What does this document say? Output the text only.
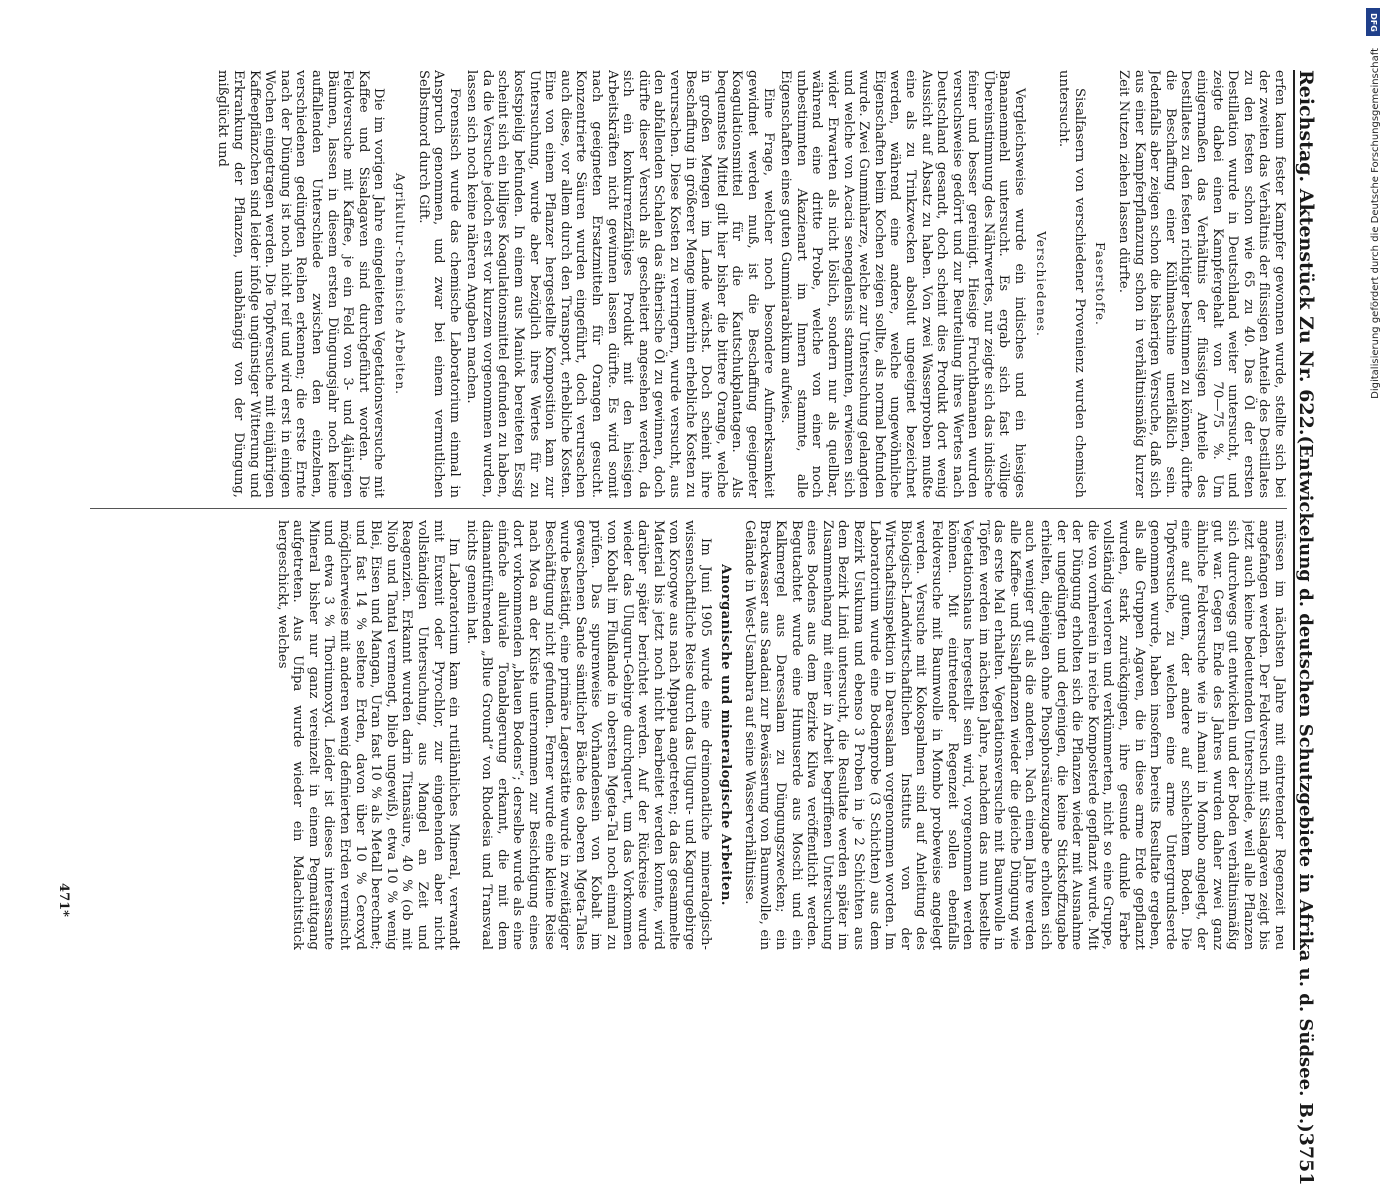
Reichstag. Aktenstück Zu Nr. 622.
(Entwickelung d. deutschen Schutzgebiete in Afrika u. d. Südsee. B.)
3751

erfen kaum fester Kampfer gewonnen wurde, stellte sich bei der zweiten das Verhältnis der flüssigen Anteile des Destillates zu den festen schon wie 65 zu 40. Das Öl der ersten Destillation wurde in Deutschland weiter untersucht, und zeigte dabei einen Kampfergehalt von 70—75 %. Um einigermaßen das Verhältnis der flüssigen Anteile des Destillates zu den festen richtiger bestimmen zu können, dürfte die Beschaffung einer Kühlmaschine unerläßlich sein. Jedenfalls aber zeigen schon die bisherigen Versuche, daß sich aus einer Kampferpflanzung schon in verhältnismäßig kurzer Zeit Nutzen ziehen lassen dürfte.

Faserstoffe.

Sisalfasern von verschiedener Provenienz wurden chemisch untersucht.

Verschiedenes.

Vergleichsweise wurde ein indisches und ein hiesiges Bananenmehl untersucht. Es ergab sich fast völlige Übereinstimmung des Nährwertes, nur zeigte sich das indische feiner und besser gereinigt. Hiesige Fruchtbananen wurden versuchsweise gedörrt und zur Beurteilung ihres Wertes nach Deutschland gesandt, doch scheint dies Produkt dort wenig Aussicht auf Absatz zu haben. Von zwei Wasserproben mußte eine als zu Trinkzwecken absolut ungeeignet bezeichnet werden, während eine andere, welche ungewöhnliche Eigenschaften beim Kochen zeigen sollte, als normal befunden wurde. Zwei Gummiharze, welche zur Untersuchung gelangten und welche von Acacia senegalensis stammten, erwiesen sich wider Erwarten als nicht löslich, sondern nur als quellbar, während eine dritte Probe, welche von einer noch unbestimmten Akazienart im Innern stammte, alle Eigenschaften eines guten Gummiarabikum aufwies.

Eine Frage, welcher noch besondere Aufmerksamkeit gewidmet werden muß, ist die Beschaffung geeigneter Koagulationsmittel für die Kautschukplantagen. Als bequemstes Mittel gilt hier bisher die bittere Orange, welche in großen Mengen im Lande wächst. Doch scheint ihre Beschaffung in größerer Menge immerhin erhebliche Kosten zu verursachen. Diese Kosten zu verringern, wurde versucht, aus den abfallenden Schalen das ätherische Öl zu gewinnen, doch dürfte dieser Versuch als gescheitert angesehen werden, da sich ein konkurrenzfähiges Produkt mit den hiesigen Arbeitskräften nicht gewinnen lassen dürfte. Es wird somit nach geeigneten Ersatzmitteln für Orangen gesucht. Konzentrierte Säuren wurden eingeführt, doch verursachen auch diese, vor allem durch den Transport, erhebliche Kosten. Eine von einem Pflanzer hergestellte Komposition kam zur Untersuchung, wurde aber bezüglich ihres Wertes für zu kostspielig befunden. In einem aus Maniok bereiteten Essig scheint sich ein billiges Koagulationsmittel gefunden zu haben, da die Versuche jedoch erst vor kurzem vorgenommen wurden, lassen sich noch keine näheren Angaben machen.

Forensisch wurde das chemische Laboratorium einmal in Anspruch genommen, und zwar bei einem vermutlichen Selbstmord durch Gift.

Agrikultur-chemische Arbeiten.

Die im vorigen Jahre eingeleiteten Vegetationsversuche mit Kaffee und Sisalagaven sind durchgeführt worden. Die Feldversuche mit Kaffee, je ein Feld von 3- und 4jährigen Bäumen, lassen in diesem ersten Düngungsjahr noch keine auffallenden Unterschiede zwischen den einzelnen, verschiedenen gedüngten Reihen erkennen; die erste Ernte nach der Düngung ist noch nicht reif und wird erst in einigen Wochen eingetragen werden. Die Topfversuche mit einjährigen Kaffeepflänzchen sind leider infolge ungünstiger Witterung und Erkrankung der Pflanzen, unabhängig von der Düngung, mißglückt und

müssen im nächsten Jahre mit eintretender Regenzeit neu angefangen werden. Der Feldversuch mit Sisalagaven zeigt bis jetzt auch keine bedeutenden Unterschiede, weil alle Pflanzen sich durchwegs gut entwickeln und der Boden verhältnismäßig gut war. Gegen Ende des Jahres wurden daher zwei ganz ähnliche Feldversuche wie in Amani in Mombo angelegt, der eine auf gutem, der andere auf schlechtem Boden. Die Topfversuche, zu welchen eine arme Untergrundserde genommen wurde, haben insofern bereits Resultate ergeben, als alle Gruppen Agaven, die in diese arme Erde gepflanzt wurden, stark zurückgingen, ihre gesunde dunkle Farbe vollständig verloren und verkümmerten, nicht so eine Gruppe, die von vornherein in reiche Komposterde gepflanzt wurde. Mit der Düngung erholten sich die Pflanzen wieder mit Ausnahme der ungedüngten und derjenigen, die keine Stickstoffzugabe erhielten, diejenigen ohne Phosphorsäurezugabe erholten sich auch weniger gut als die anderen. Nach einem Jahre werden alle Kaffee- und Sisalpflanzen wieder die gleiche Düngung wie das erste Mal erhalten. Vegetationsversuche mit Baumwolle in Töpfen werden im nächsten Jahre, nachdem das nun bestellte Vegetationshaus hergestellt sein wird, vorgenommen werden können. Mit eintretender Regenzeit sollen ebenfalls Feldversuche mit Baumwolle in Mombo probeweise angelegt werden. Versuche mit Kokospalmen sind auf Anleitung des Biologisch-Landwirtschaftlichen Instituts von der Wirtschaftsinspektion in Daressalam vorgenommen worden. Im Laboratorium wurde eine Bodenprobe (3 Schichten) aus dem Bezirk Usukuma und ebenso 3 Proben in je 2 Schichten aus dem Bezirk Lindi untersucht, die Resultate werden später im Zusammenhang mit einer in Arbeit begriffenen Untersuchung eines Bodens aus dem Bezirke Kilwa veröffentlicht werden. Begutachtet wurde eine Humuserde aus Moschi und ein Kalkmergel aus Daressalam zu Düngungszwecken; ein Brackwasser aus Saadani zur Bewässerung von Baumwolle, ein Gelände in West-Usambara auf seine Wasserverhältnisse.

Anorganische und mineralogische Arbeiten.

Im Juni 1905 wurde eine dreimonatliche mineralogisch-wissenschaftliche Reise durch das Uluguru- und Kagurugebirge von Korogwe aus nach Mpapua angetreten; da das gesammelte Material bis jetzt noch nicht bearbeitet werden konnte, wird darüber später berichtet werden. Auf der Rückreise wurde wieder das Uluguru-Gebirge durchquert, um das Vorkommen von Kobalt im Flußlande in obersten Mgeta-Tal noch einmal zu prüfen. Das spurenweise Vorhandensein von Kobalt im gewaschenen Sande sämtlicher Bäche des oberen Mgeta-Tales wurde bestätigt, eine primäre Lagerstätte wurde in zweitägiger Beschäftigung nicht gefunden. Ferner wurde eine kleine Reise nach Moa an der Küste unternommen zur Besichtigung eines dort vorkommenden „blauen Bodens“; derselbe wurde als eine einfache alluviale Tonablagerung erkannt, die mit dem diamantführenden „Blue Ground“ von Rhodesia und Transvaal nichts gemein hat.

Im Laboratorium kam ein rutilähnliches Mineral, verwandt mit Euxenit oder Pyrochlor, zur eingehenden aber nicht vollständigen Untersuchung, aus Mangel an Zeit und Reagenzien. Erkannt wurden darin Titansäure, 40 % (ob mit Niob und Tantal vermengt, blieb ungewiß), etwa 10 % wenig Blei, Eisen und Mangan, Uran fast 10 % als Metall berechnet; und fast 14 % seltene Erden, davon über 10 % Ceroxyd möglicherweise mit anderen wenig definierten Erden vermischt und etwa 3 % Thoriumoxyd. Leider ist dieses interessante Mineral bisher nur ganz vereinzelt in einem Pegmatitgang aufgetreten. Aus Ufipa wurde wieder ein Malachitstück hergeschickt, welches

471*
DFG
Digitalisierung gefördert durch die Deutsche Forschungsgemeinschaft
